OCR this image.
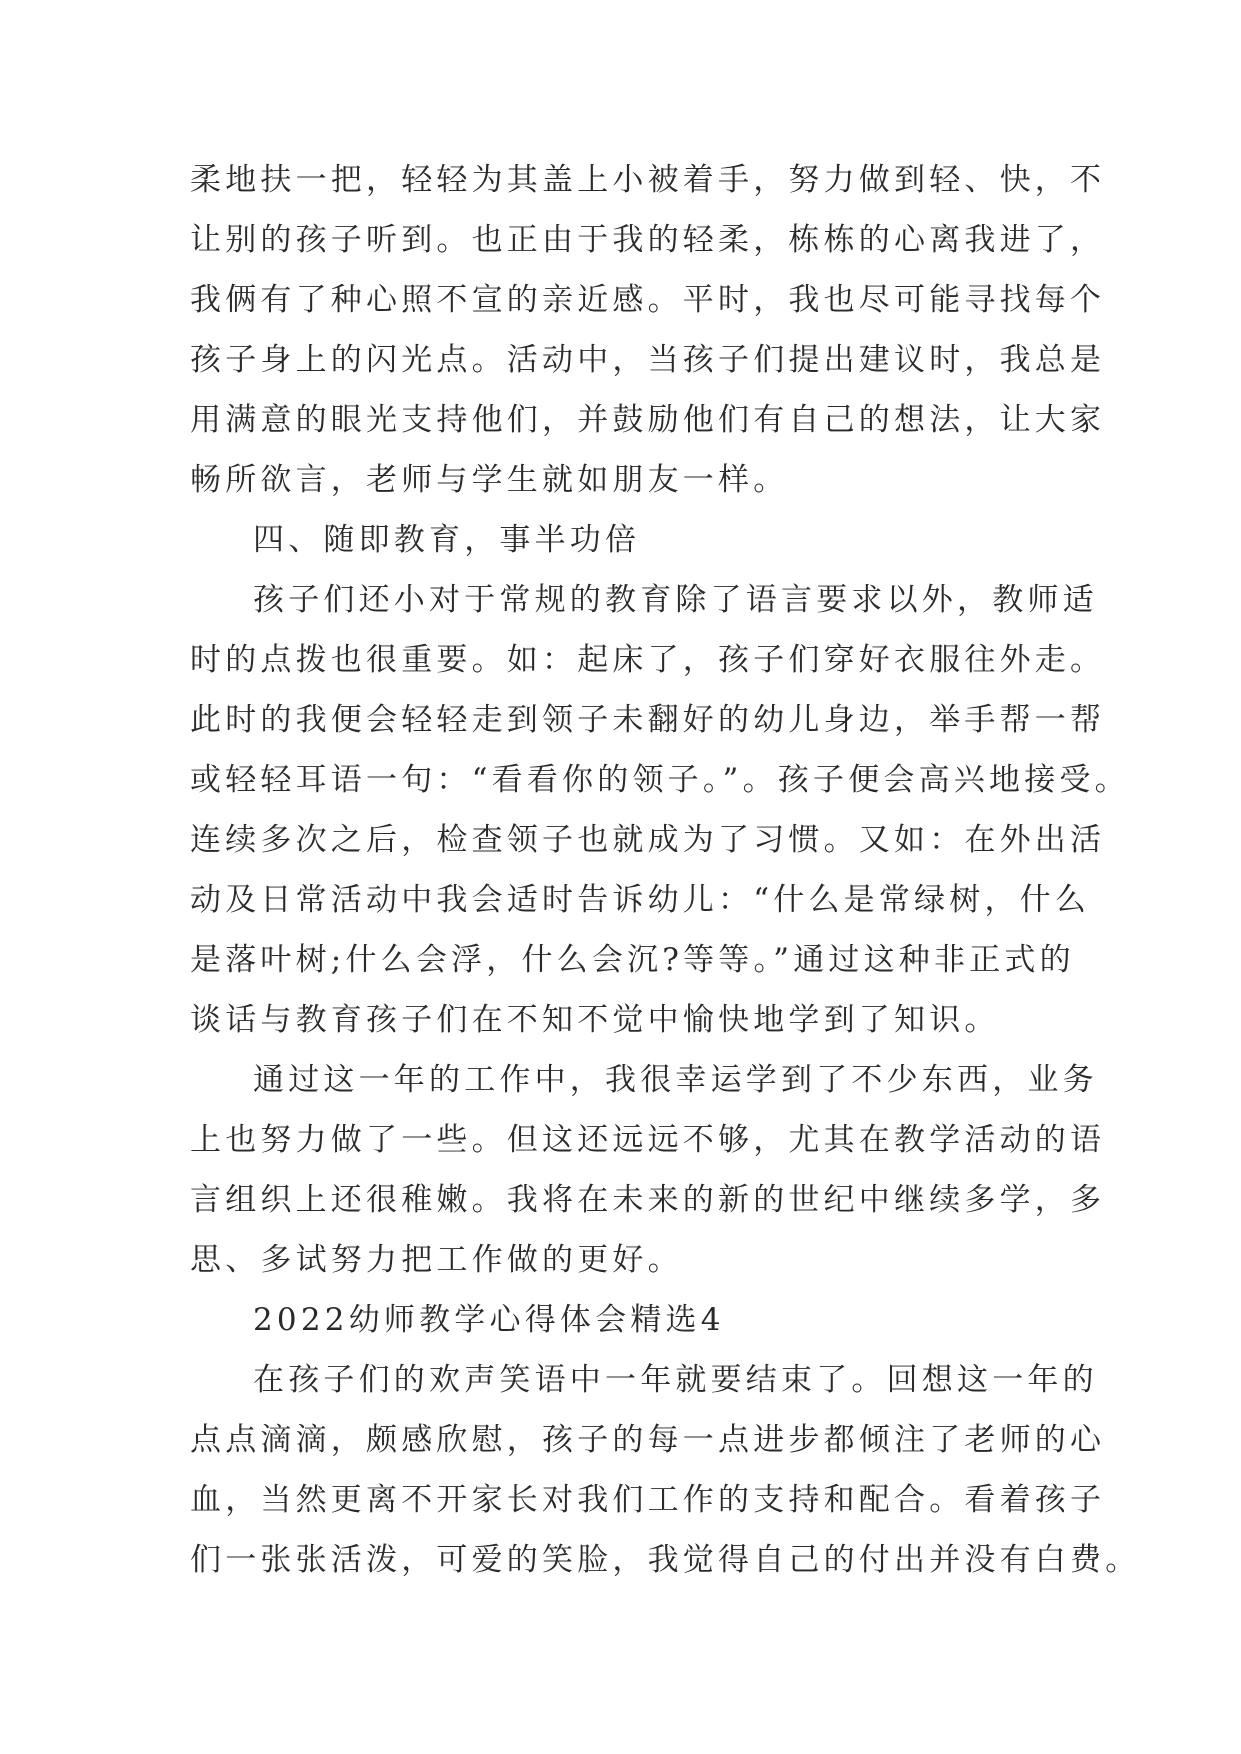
柔地扶一把，轻轻为其盖上小被着手，努力做到轻、快，不
让别的孩子听到。也正由于我的轻柔，栋栋的心离我进了，
我俩有了种心照不宣的亲近感。平时，我也尽可能寻找每个
孩子身上的闪光点。活动中，当孩子们提出建议时，我总是
用满意的眼光支持他们，并鼓励他们有自己的想法，让大家
畅所欲言，老师与学生就如朋友一样。
四、随即教育，事半功倍
孩子们还小对于常规的教育除了语言要求以外，教师适
时的点拨也很重要。如：起床了，孩子们穿好衣服往外走。
此时的我便会轻轻走到领子未翻好的幼儿身边，举手帮一帮
或轻轻耳语一句：“看看你的领子。”。孩子便会高兴地接受。
连续多次之后，检查领子也就成为了习惯。又如：在外出活
动及日常活动中我会适时告诉幼儿：“什么是常绿树，什么
是落叶树;什么会浮，什么会沉?等等。”通过这种非正式的
谈话与教育孩子们在不知不觉中愉快地学到了知识。
通过这一年的工作中，我很幸运学到了不少东西，业务
上也努力做了一些。但这还远远不够，尤其在教学活动的语
言组织上还很稚嫩。我将在未来的新的世纪中继续多学，多
思、多试努力把工作做的更好。
2022幼师教学心得体会精选4
在孩子们的欢声笑语中一年就要结束了。回想这一年的
点点滴滴，颇感欣慰，孩子的每一点进步都倾注了老师的心
血，当然更离不开家长对我们工作的支持和配合。看着孩子
们一张张活泼，可爱的笑脸，我觉得自己的付出并没有白费。
